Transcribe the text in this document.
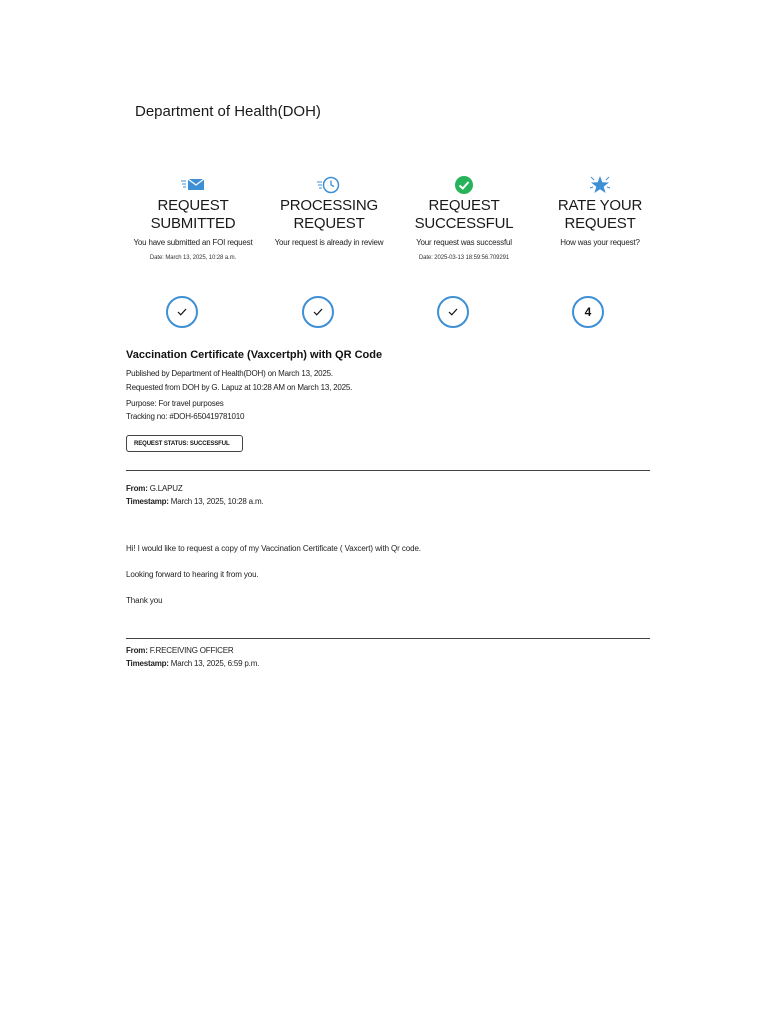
Department of Health(DOH)
REQUEST
SUBMITTED
You have submitted an FOI request
Date: March 13, 2025, 10:28 a.m.
PROCESSING
REQUEST
Your request is already in review
REQUEST
SUCCESSFUL
Your request was successful
Date: 2025-03-13 18:59:56.709291
RATE YOUR
REQUEST
How was your request?
4
Vaccination Certificate (Vaxcertph) with QR Code
Published by Department of Health(DOH) on March 13, 2025.
Requested from DOH by G. Lapuz at 10:28 AM on March 13, 2025.
Purpose: For travel purposes
Tracking no: #DOH-650419781010
REQUEST STATUS: SUCCESSFUL
From: G.LAPUZ
Timestamp: March 13, 2025, 10:28 a.m.
Hi! I would like to request a copy of my Vaccination Certificate ( Vaxcert) with Qr code.
Looking forward to hearing it from you.
Thank you
From: F.RECEIVING OFFICER
Timestamp: March 13, 2025, 6:59 p.m.
